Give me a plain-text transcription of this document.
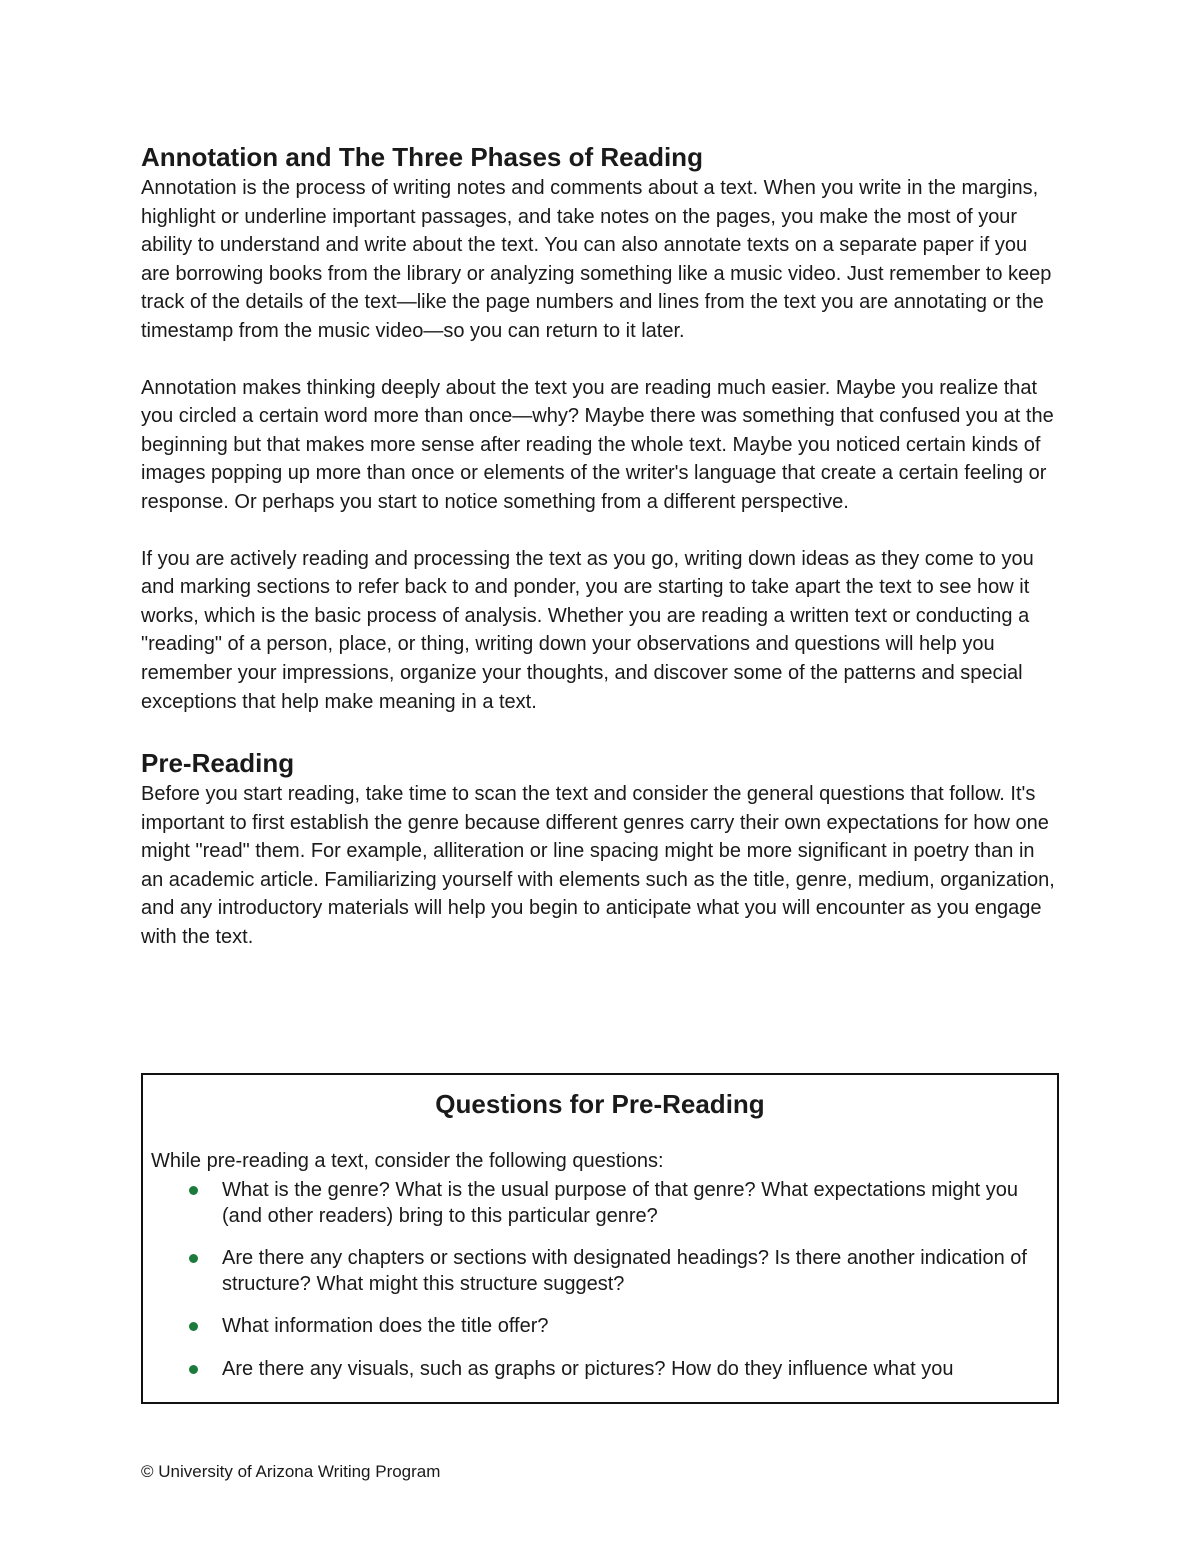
Annotation and The Three Phases of Reading

Annotation is the process of writing notes and comments about a text. When you write in the margins, highlight or underline important passages, and take notes on the pages, you make the most of your ability to understand and write about the text. You can also annotate texts on a separate paper if you are borrowing books from the library or analyzing something like a music video. Just remember to keep track of the details of the text—like the page numbers and lines from the text you are annotating or the timestamp from the music video—so you can return to it later.

Annotation makes thinking deeply about the text you are reading much easier. Maybe you realize that you circled a certain word more than once—why? Maybe there was something that confused you at the beginning but that makes more sense after reading the whole text. Maybe you noticed certain kinds of images popping up more than once or elements of the writer's language that create a certain feeling or response. Or perhaps you start to notice something from a different perspective.

If you are actively reading and processing the text as you go, writing down ideas as they come to you and marking sections to refer back to and ponder, you are starting to take apart the text to see how it works, which is the basic process of analysis. Whether you are reading a written text or conducting a "reading" of a person, place, or thing, writing down your observations and questions will help you remember your impressions, organize your thoughts, and discover some of the patterns and special exceptions that help make meaning in a text.

Pre-Reading

Before you start reading, take time to scan the text and consider the general questions that follow. It's important to first establish the genre because different genres carry their own expectations for how one might "read" them. For example, alliteration or line spacing might be more significant in poetry than in an academic article. Familiarizing yourself with elements such as the title, genre, medium, organization, and any introductory materials will help you begin to anticipate what you will encounter as you engage with the text.

Questions for Pre-Reading

While pre-reading a text, consider the following questions:

What is the genre? What is the usual purpose of that genre? What expectations might you (and other readers) bring to this particular genre?
Are there any chapters or sections with designated headings? Is there another indication of structure? What might this structure suggest?
What information does the title offer?
Are there any visuals, such as graphs or pictures? How do they influence what you
© University of Arizona Writing Program
